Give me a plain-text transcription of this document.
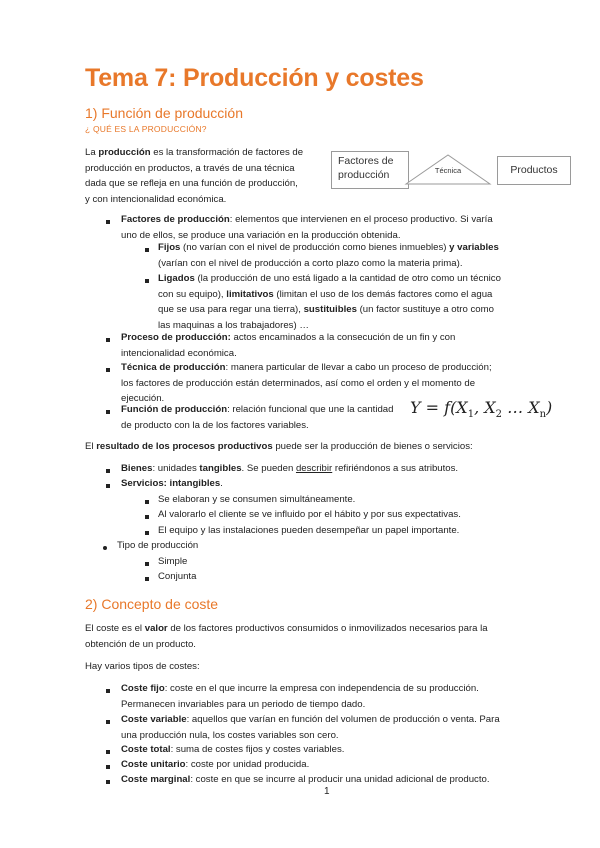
Tema 7: Producción y costes
1) Función de producción
¿ QUÉ ES LA PRODUCCIÓN?
La producción es la transformación de factores de
producción en productos, a través de una técnica
dada que se refleja en una función de producción,
y con intencionalidad económica.
Factores de producción	Técnica	Productos
Factores de producción: elementos que intervienen en el proceso productivo. Si varía
uno de ellos, se produce una variación en la producción obtenida.
Fijos (no varían con el nivel de producción como bienes inmuebles) y variables
(varían con el nivel de producción a corto plazo como la materia prima).
Ligados (la producción de uno está ligado a la cantidad de otro como un técnico
con su equipo), limitativos (limitan el uso de los demás factores como el agua
que se usa para regar una tierra), sustituibles (un factor sustituye a otro como
las maquinas a los trabajadores) …
Proceso de producción: actos encaminados a la consecución de un fin y con
intencionalidad económica.
Técnica de producción: manera particular de llevar a cabo un proceso de producción;
los factores de producción están determinados, así como el orden y el momento de
ejecución.
Función de producción: relación funcional que une la cantidad
de producto con la de los factores variables.
$Y = f(X_1$, $X_2$ … $X_n$)
El resultado de los procesos productivos puede ser la producción de bienes o servicios:
Bienes: unidades tangibles. Se pueden describir refiriéndonos a sus atributos.
Servicios: intangibles.
Se elaboran y se consumen simultáneamente.
Al valorarlo el cliente se ve influido por el hábito y por sus expectativas.
El equipo y las instalaciones pueden desempeñar un papel importante.
Tipo de producción
Simple
Conjunta
2) Concepto de coste
El coste es el valor de los factores productivos consumidos o inmovilizados necesarios para la
obtención de un producto.
Hay varios tipos de costes:
Coste fijo: coste en el que incurre la empresa con independencia de su producción.
Permanecen invariables para un periodo de tiempo dado.
Coste variable: aquellos que varían en función del volumen de producción o venta. Para
una producción nula, los costes variables son cero.
Coste total: suma de costes fijos y costes variables.
Coste unitario: coste por unidad producida.
Coste marginal: coste en que se incurre al producir una unidad adicional de producto.
1
